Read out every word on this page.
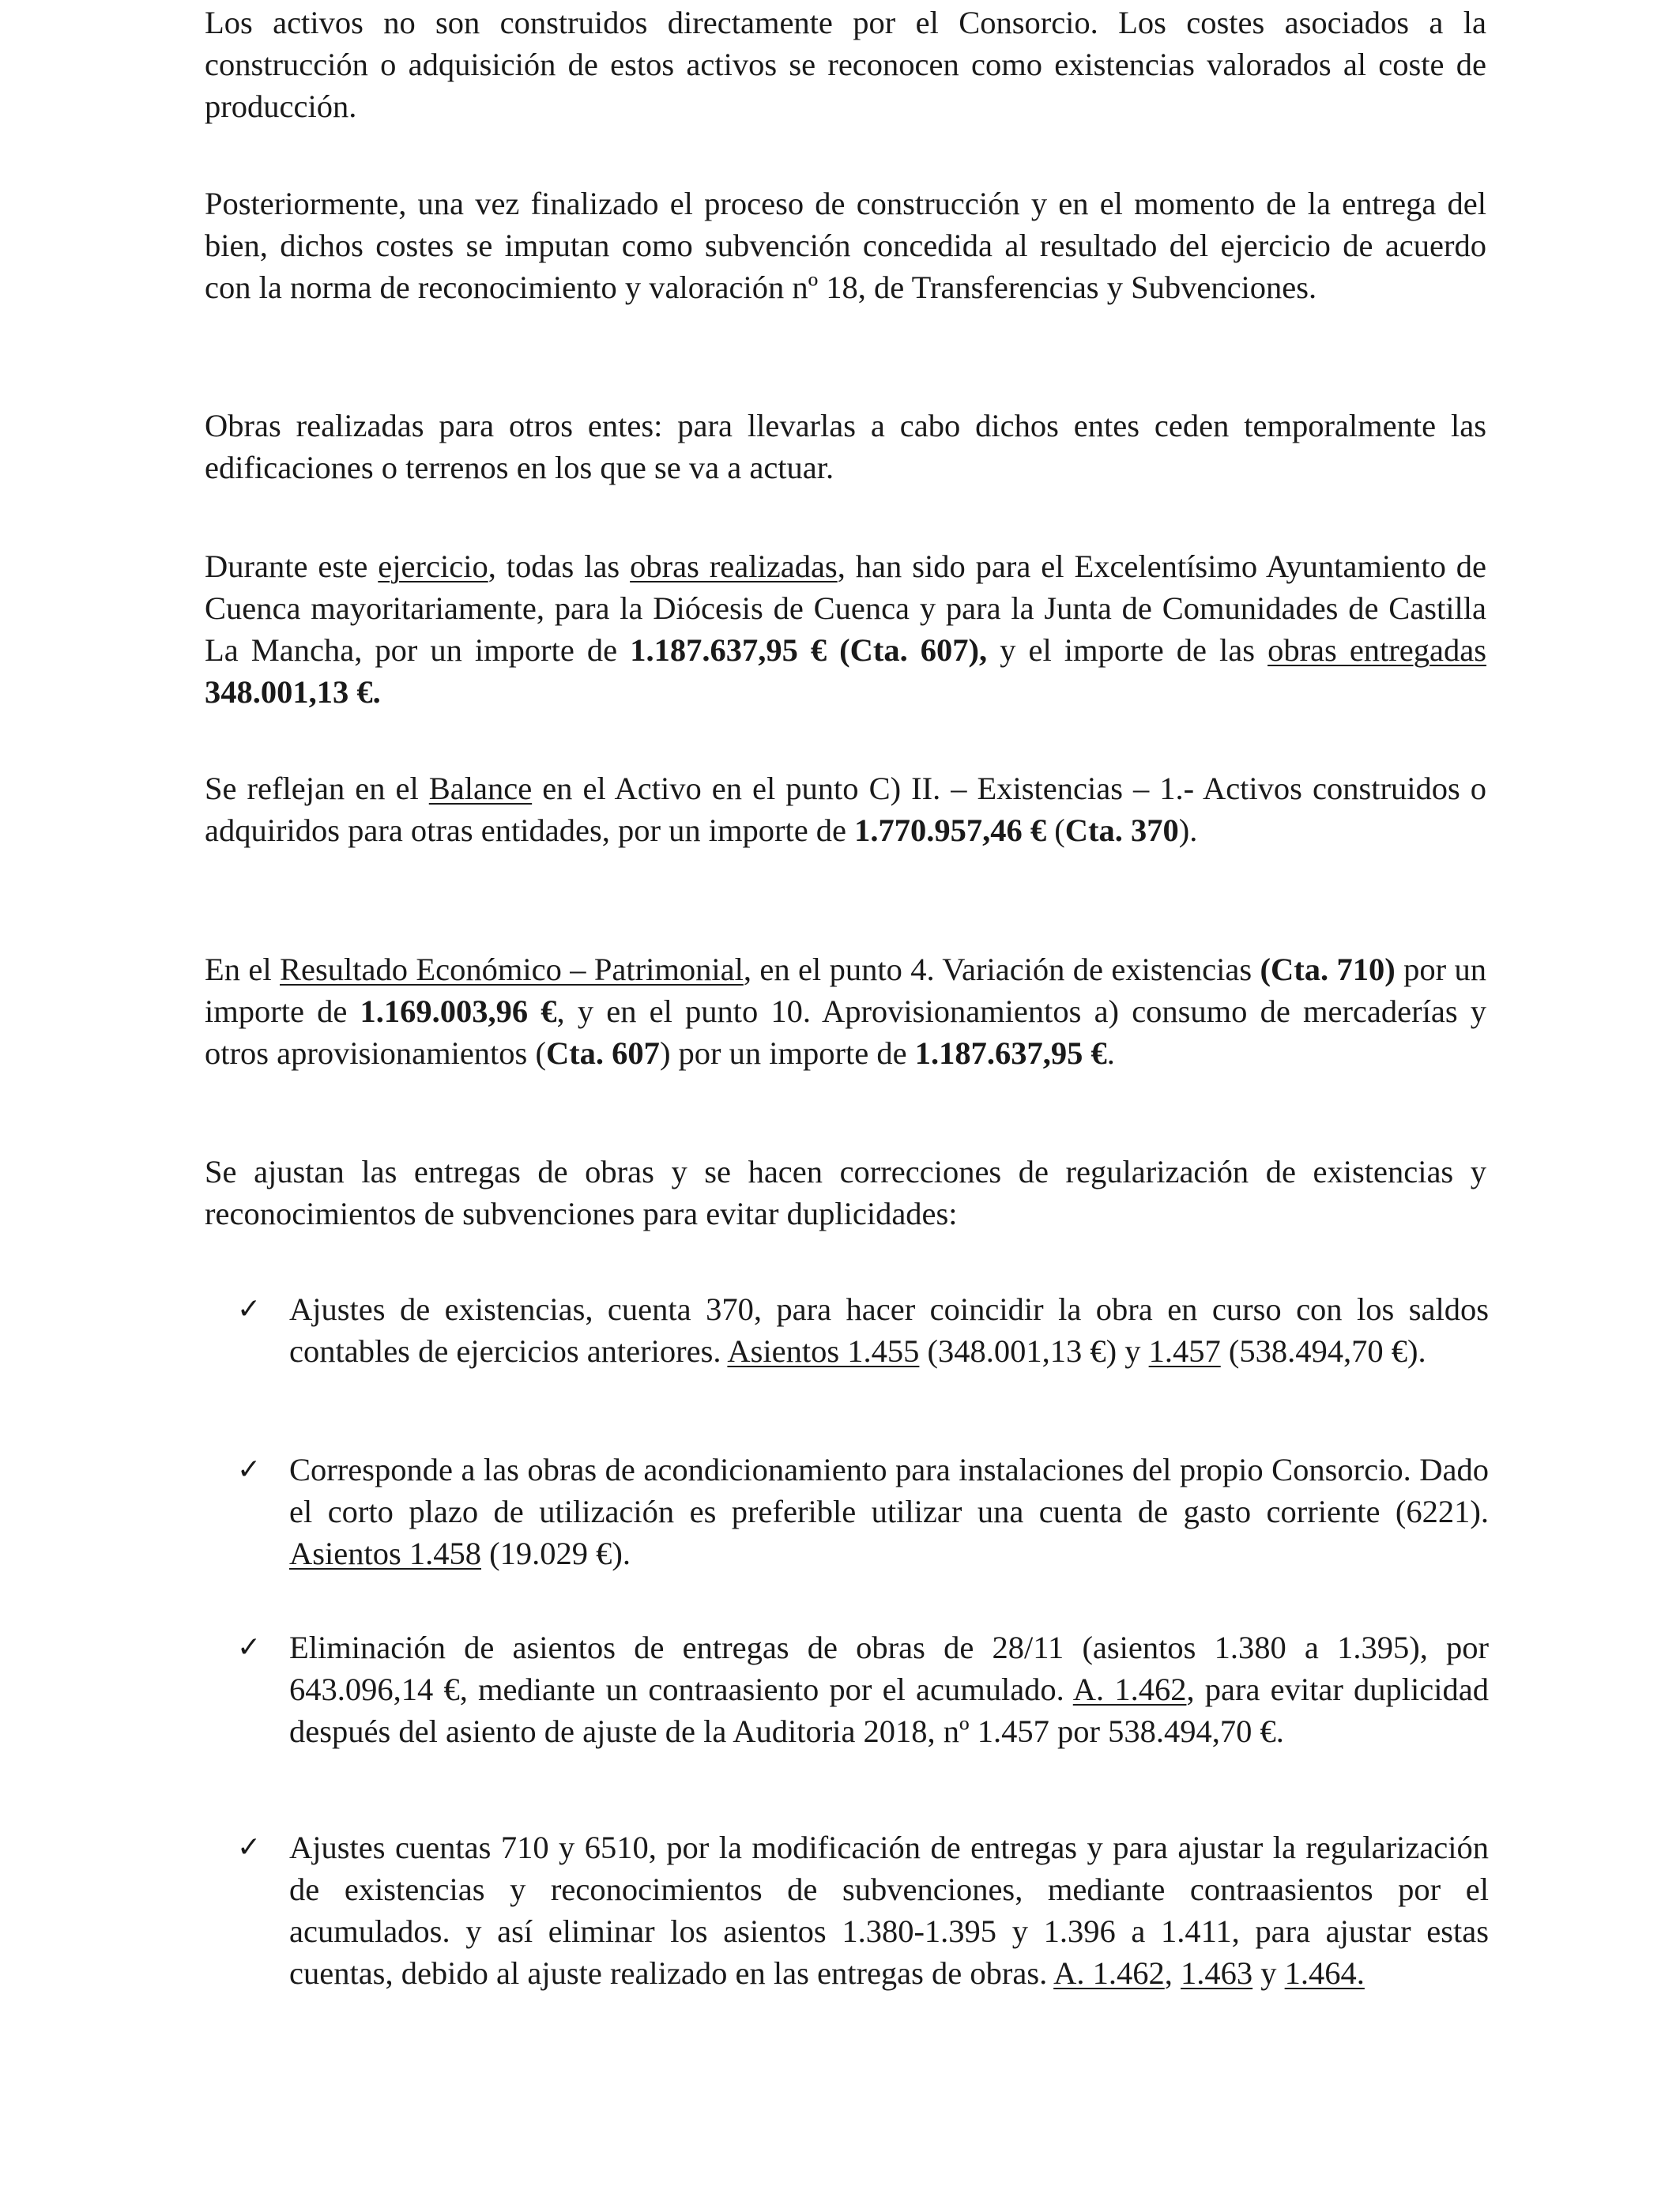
Los activos no son construidos directamente por el Consorcio. Los costes asociados a la construcción o adquisición de estos activos se reconocen como existencias valorados al coste de producción.

Posteriormente, una vez finalizado el proceso de construcción y en el momento de la entrega del bien, dichos costes se imputan como subvención concedida al resultado del ejercicio de acuerdo con la norma de reconocimiento y valoración nº 18, de Transferencias y Subvenciones.

Obras realizadas para otros entes: para llevarlas a cabo dichos entes ceden temporalmente las edificaciones o terrenos en los que se va a actuar.

Durante este ejercicio, todas las obras realizadas, han sido para el Excelentísimo Ayuntamiento de Cuenca mayoritariamente, para la Diócesis de Cuenca y para la Junta de Comunidades de Castilla La Mancha, por un importe de 1.187.637,95 € (Cta. 607), y el importe de las obras entregadas 348.001,13 €.

Se reflejan en el Balance en el Activo en el punto C) II. – Existencias – 1.- Activos construidos o adquiridos para otras entidades, por un importe de 1.770.957,46 € (Cta. 370).

En el Resultado Económico – Patrimonial, en el punto 4. Variación de existencias (Cta. 710) por un importe de 1.169.003,96 €, y en el punto 10. Aprovisionamientos a) consumo de mercaderías y otros aprovisionamientos (Cta. 607) por un importe de 1.187.637,95 €.

Se ajustan las entregas de obras y se hacen correcciones de regularización de existencias y reconocimientos de subvenciones para evitar duplicidades:

✓ Ajustes de existencias, cuenta 370, para hacer coincidir la obra en curso con los saldos contables de ejercicios anteriores. Asientos 1.455 (348.001,13 €) y 1.457 (538.494,70 €).

✓ Corresponde a las obras de acondicionamiento para instalaciones del propio Consorcio. Dado el corto plazo de utilización es preferible utilizar una cuenta de gasto corriente (6221). Asientos 1.458 (19.029 €).

✓ Eliminación de asientos de entregas de obras de 28/11 (asientos 1.380 a 1.395), por 643.096,14 €, mediante un contraasiento por el acumulado. A. 1.462, para evitar duplicidad después del asiento de ajuste de la Auditoria 2018, nº 1.457 por 538.494,70 €.

✓ Ajustes cuentas 710 y 6510, por la modificación de entregas y para ajustar la regularización de existencias y reconocimientos de subvenciones, mediante contraasientos por el acumulados. y así eliminar los asientos 1.380-1.395 y 1.396 a 1.411, para ajustar estas cuentas, debido al ajuste realizado en las entregas de obras. A. 1.462, 1.463 y 1.464.
